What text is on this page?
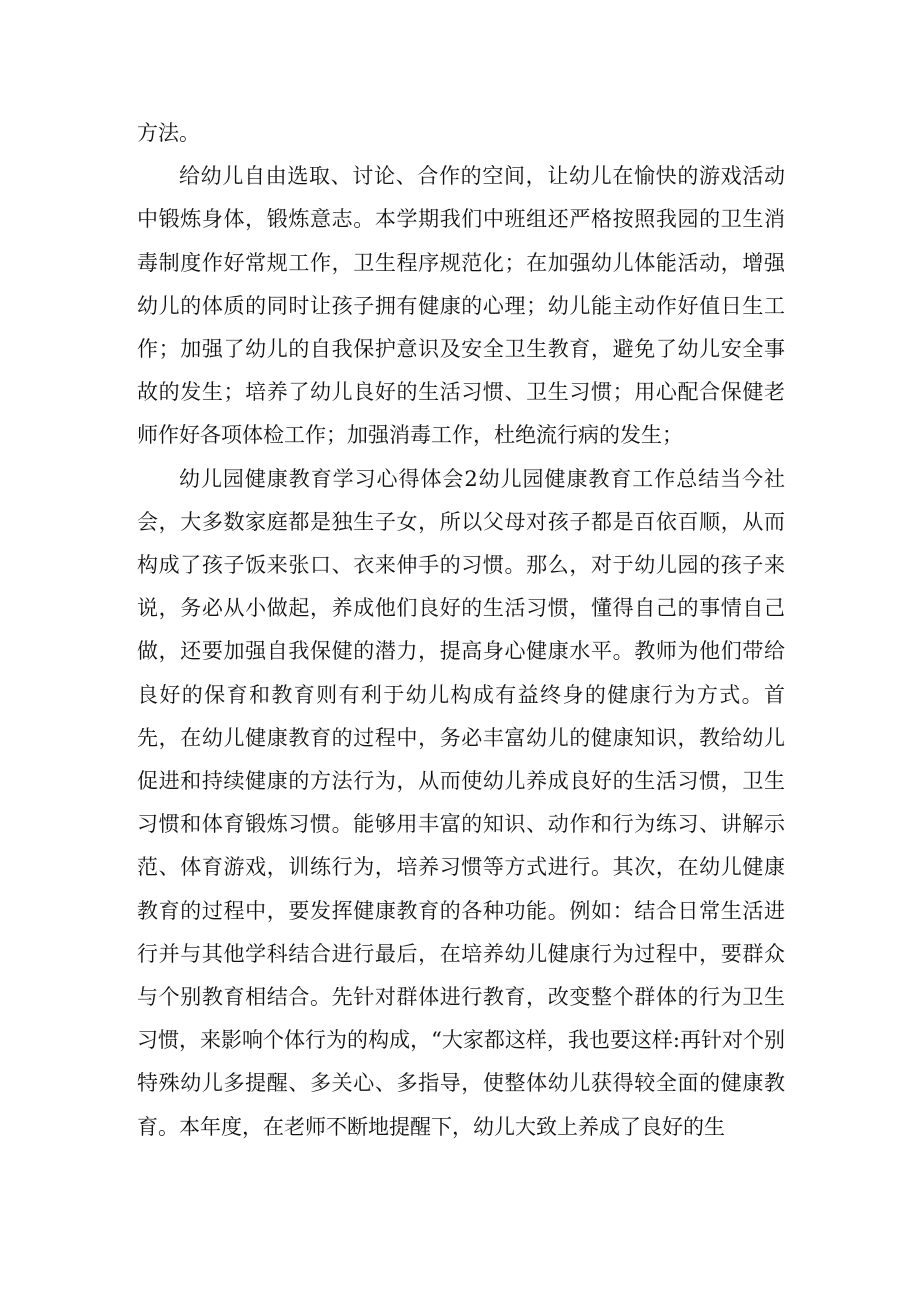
方法。

给幼儿自由选取、讨论、合作的空间，让幼儿在愉快的游戏活动中锻炼身体，锻炼意志。本学期我们中班组还严格按照我园的卫生消毒制度作好常规工作，卫生程序规范化；在加强幼儿体能活动，增强幼儿的体质的同时让孩子拥有健康的心理；幼儿能主动作好值日生工作；加强了幼儿的自我保护意识及安全卫生教育，避免了幼儿安全事故的发生；培养了幼儿良好的生活习惯、卫生习惯；用心配合保健老师作好各项体检工作；加强消毒工作，杜绝流行病的发生；

幼儿园健康教育学习心得体会2幼儿园健康教育工作总结当今社会，大多数家庭都是独生子女，所以父母对孩子都是百依百顺，从而构成了孩子饭来张口、衣来伸手的习惯。那么，对于幼儿园的孩子来说，务必从小做起，养成他们良好的生活习惯，懂得自己的事情自己做，还要加强自我保健的潜力，提高身心健康水平。教师为他们带给良好的保育和教育则有利于幼儿构成有益终身的健康行为方式。首先，在幼儿健康教育的过程中，务必丰富幼儿的健康知识，教给幼儿促进和持续健康的方法行为，从而使幼儿养成良好的生活习惯，卫生习惯和体育锻炼习惯。能够用丰富的知识、动作和行为练习、讲解示范、体育游戏，训练行为，培养习惯等方式进行。其次，在幼儿健康教育的过程中，要发挥健康教育的各种功能。例如：结合日常生活进行并与其他学科结合进行最后，在培养幼儿健康行为过程中，要群众与个别教育相结合。先针对群体进行教育，改变整个群体的行为卫生习惯，来影响个体行为的构成，“大家都这样，我也要这样:再针对个别特殊幼儿多提醒、多关心、多指导，使整体幼儿获得较全面的健康教育。本年度，在老师不断地提醒下，幼儿大致上养成了良好的生
